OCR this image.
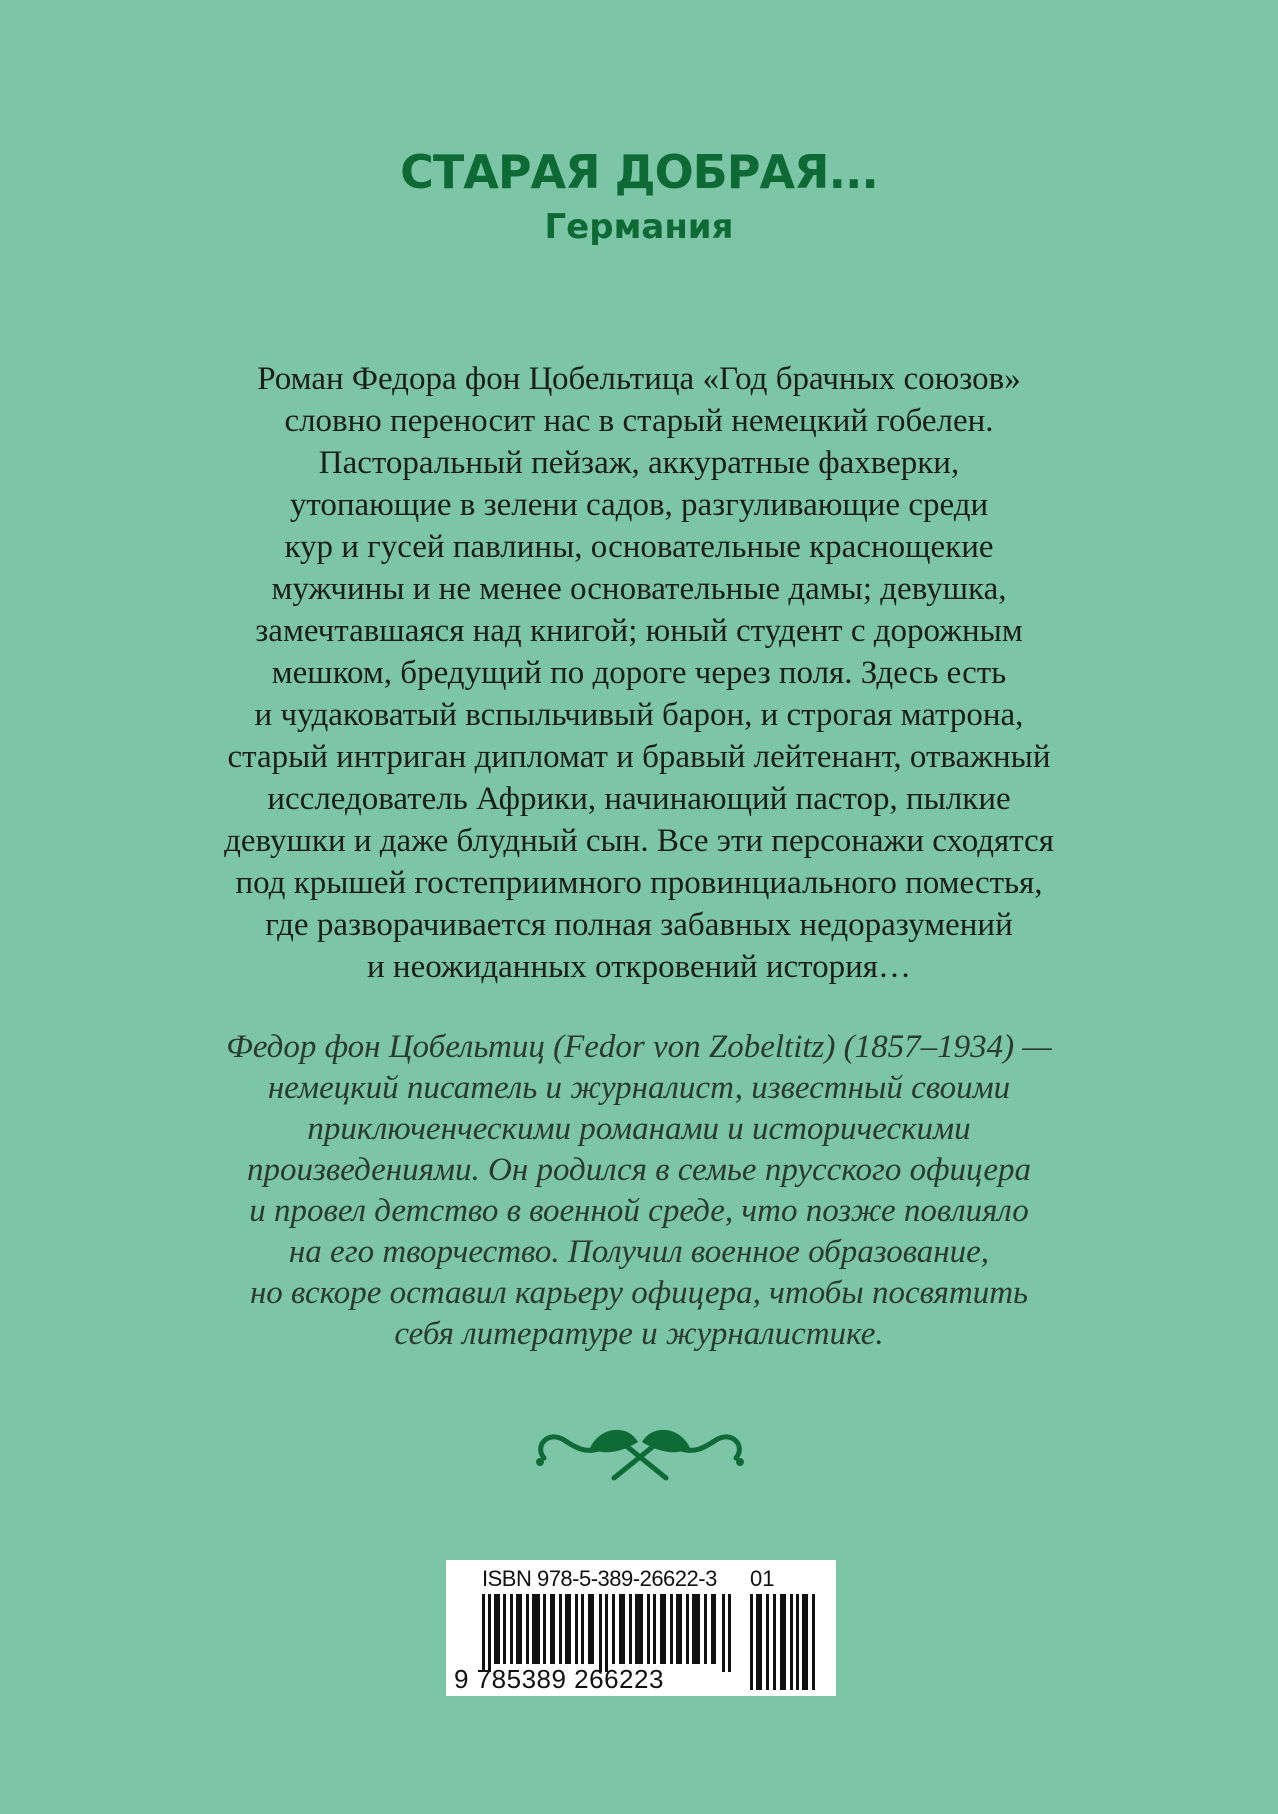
СТАРАЯ ДОБРАЯ...
Германия
Роман Федора фон Цобельтица «Год брачных союзов»
словно переносит нас в старый немецкий гобелен.
Пасторальный пейзаж, аккуратные фахверки,
утопающие в зелени садов, разгуливающие среди
кур и гусей павлины, основательные краснощекие
мужчины и не менее основательные дамы; девушка,
замечтавшаяся над книгой; юный студент с дорожным
мешком, бредущий по дороге через поля. Здесь есть
и чудаковатый вспыльчивый барон, и строгая матрона,
старый интриган дипломат и бравый лейтенант, отважный
исследователь Африки, начинающий пастор, пылкие
девушки и даже блудный сын. Все эти персонажи сходятся
под крышей гостеприимного провинциального поместья,
где разворачивается полная забавных недоразумений
и неожиданных откровений история…
Федор фон Цобельтиц (Fedor von Zobeltitz) (1857–1934) —
немецкий писатель и журналист, известный своими
приключенческими романами и историческими
произведениями. Он родился в семье прусского офицера
и провел детство в военной среде, что позже повлияло
на его творчество. Получил военное образование,
но вскоре оставил карьеру офицера, чтобы посвятить
себя литературе и журналистике.
ISBN 978-5-389-26622-3 01
9 785389 266223
